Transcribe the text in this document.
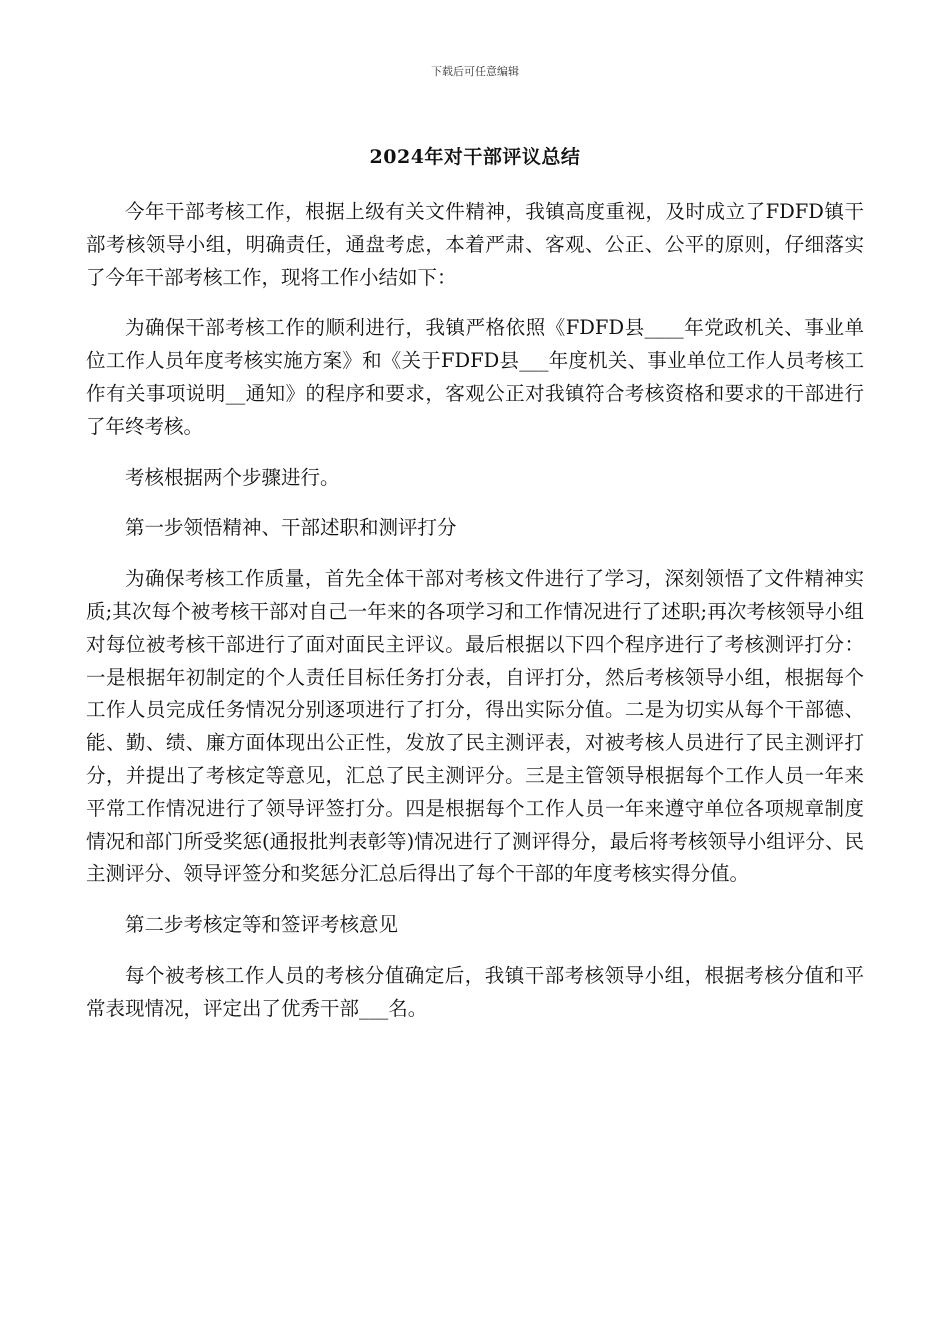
下载后可任意编辑
2024年对干部评议总结

今年干部考核工作，根据上级有关文件精神，我镇高度重视，及时成立了FDFD镇干部考核领导小组，明确责任，通盘考虑，本着严肃、客观、公正、公平的原则，仔细落实了今年干部考核工作，现将工作小结如下：

为确保干部考核工作的顺利进行，我镇严格依照《FDFD县____年党政机关、事业单位工作人员年度考核实施方案》和《关于FDFD县___年度机关、事业单位工作人员考核工作有关事项说明__通知》的程序和要求，客观公正对我镇符合考核资格和要求的干部进行了年终考核。

考核根据两个步骤进行。

第一步领悟精神、干部述职和测评打分

为确保考核工作质量，首先全体干部对考核文件进行了学习，深刻领悟了文件精神实质;其次每个被考核干部对自己一年来的各项学习和工作情况进行了述职;再次考核领导小组对每位被考核干部进行了面对面民主评议。最后根据以下四个程序进行了考核测评打分：一是根据年初制定的个人责任目标任务打分表，自评打分，然后考核领导小组，根据每个工作人员完成任务情况分别逐项进行了打分，得出实际分值。二是为切实从每个干部德、能、勤、绩、廉方面体现出公正性，发放了民主测评表，对被考核人员进行了民主测评打分，并提出了考核定等意见，汇总了民主测评分。三是主管领导根据每个工作人员一年来平常工作情况进行了领导评签打分。四是根据每个工作人员一年来遵守单位各项规章制度情况和部门所受奖惩(通报批判表彰等)情况进行了测评得分，最后将考核领导小组评分、民主测评分、领导评签分和奖惩分汇总后得出了每个干部的年度考核实得分值。

第二步考核定等和签评考核意见

每个被考核工作人员的考核分值确定后，我镇干部考核领导小组，根据考核分值和平常表现情况，评定出了优秀干部___名。
